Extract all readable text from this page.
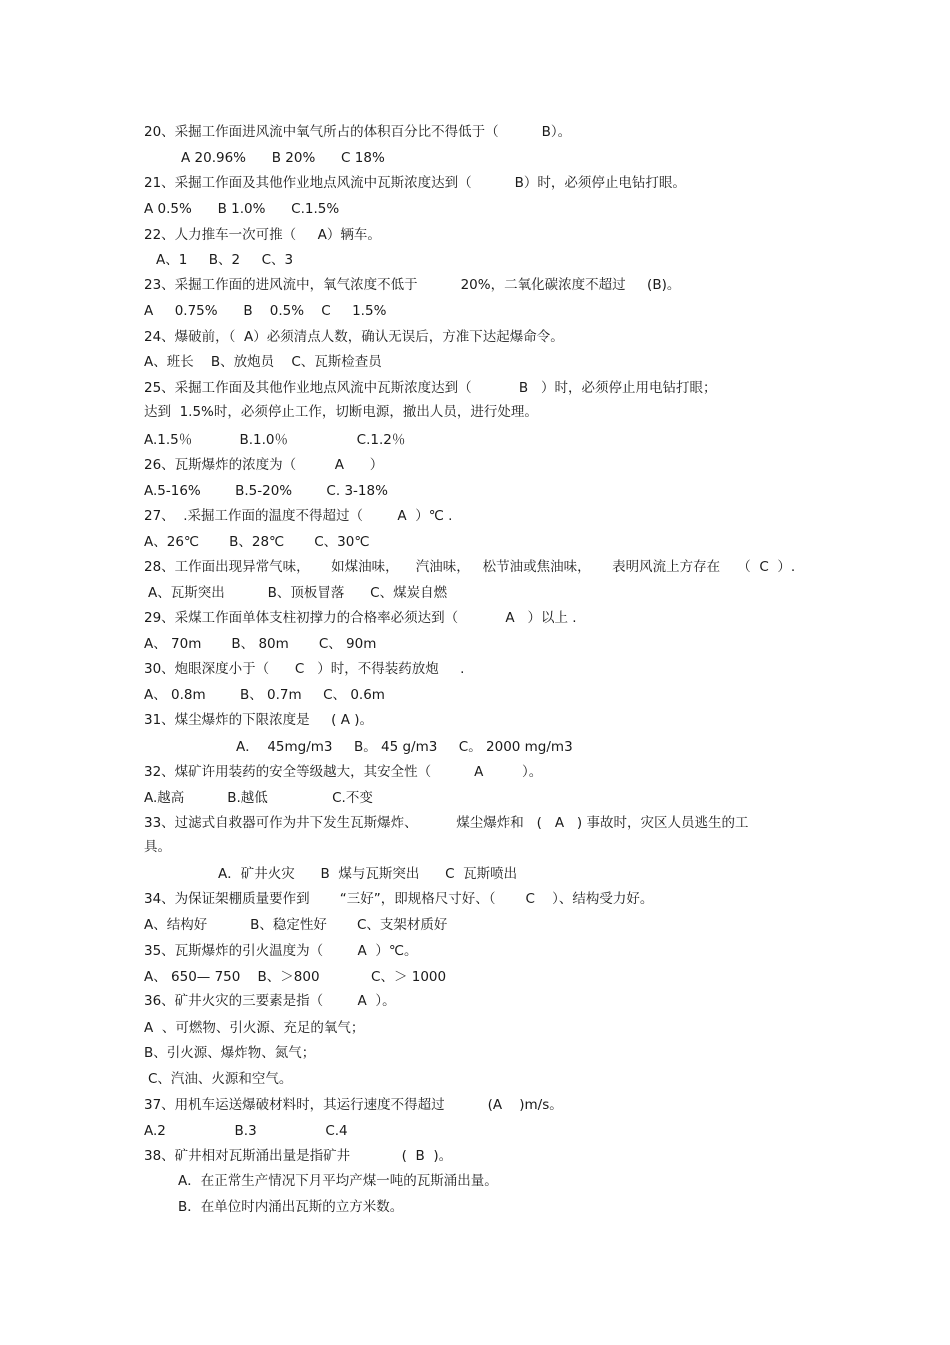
20、采掘工作面进风流中氧气所占的体积百分比不得低于（          B）。
A 20.96%      B 20%      C 18%
21、采掘工作面及其他作业地点风流中瓦斯浓度达到（          B）时，必须停止电钻打眼。
A 0.5%      B 1.0%      C.1.5%
22、人力推车一次可推（     A）辆车。
A、1     B、2     C、3
23、采掘工作面的进风流中，氧气浓度不低于          20%，二氧化碳浓度不超过     (B)。
A     0.75%      B    0.5%    C     1.5%
24、爆破前，（  A）必须清点人数，确认无误后，方准下达起爆命令。
A、班长    B、放炮员    C、瓦斯检查员
25、采掘工作面及其他作业地点风流中瓦斯浓度达到（           B   ）时，必须停止用电钻打眼；
达到  1.5%时，必须停止工作，切断电源，撤出人员，进行处理。
A.1.5％           B.1.0％                C.1.2％
26、瓦斯爆炸的浓度为（         A      ）
A.5-16%        B.5-20%        C. 3-18%
27、  .采掘工作面的温度不得超过（        A  ）℃ .
A、26℃       B、28℃       C、30℃
28、工作面出现异常气味，     如煤油味，    汽油味，   松节油或焦油味，     表明风流上方存在    （  C  ）.
A、瓦斯突出          B、顶板冒落      C、煤炭自燃
29、采煤工作面单体支柱初撑力的合格率必须达到（           A   ）以上 .
A、 70m       B、 80m       C、 90m
30、炮眼深度小于（      C   ）时，不得装药放炮     .
A、 0.8m        B、 0.7m     C、 0.6m
31、煤尘爆炸的下限浓度是     ( A )。
A．  45mg/m3     B。 45 g/m3     C。 2000 mg/m3
32、煤矿许用装药的安全等级越大，其安全性（          A         ）。
A.越高          B.越低               C.不变
33、过滤式自救器可作为井下发生瓦斯爆炸、         煤尘爆炸和   (   A   ) 事故时，灾区人员逃生的工
具。
A．矿井火灾      B  煤与瓦斯突出      C  瓦斯喷出
34、为保证架棚质量要作到       “三好”，即规格尺寸好、（       C    ）、结构受力好。
A、结构好          B、稳定性好       C、支架材质好
35、瓦斯爆炸的引火温度为（        A  ）℃。
A、 650— 750    B、＞800            C、＞ 1000
36、矿井火灾的三要素是指（        A  ）。
A  、可燃物、引火源、充足的氧气；
B、引火源、爆炸物、氮气；
C、汽油、火源和空气。
37、用机车运送爆破材料时，其运行速度不得超过          (A    )m/s。
A.2                B.3                C.4
38、矿井相对瓦斯涌出量是指矿井            (  B  )。
A．在正常生产情况下月平均产煤一吨的瓦斯涌出量。
B．在单位时内涌出瓦斯的立方米数。
